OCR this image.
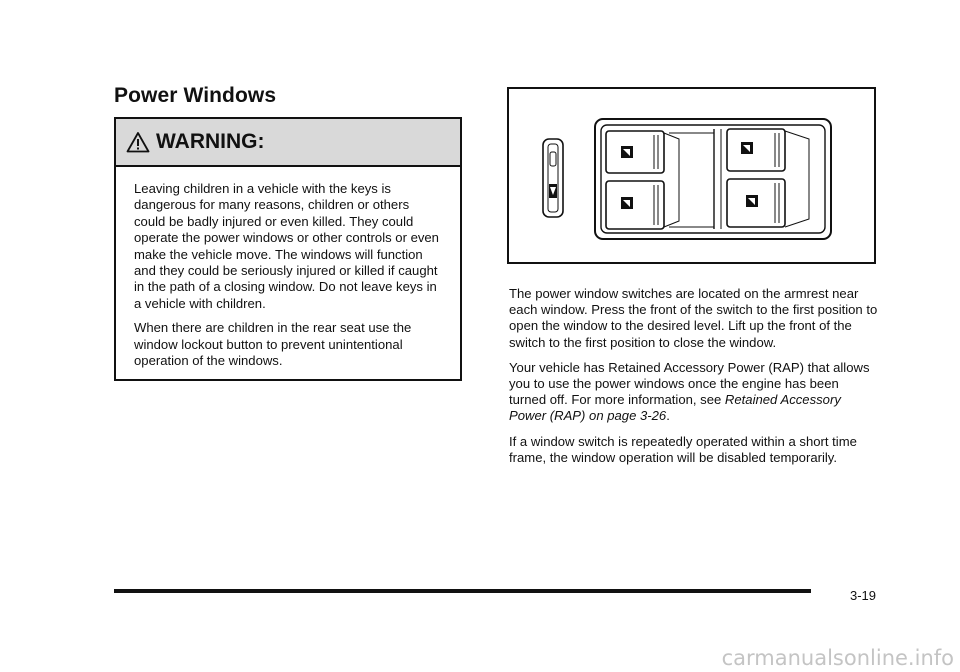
Power Windows
WARNING:

Leaving children in a vehicle with the keys is dangerous for many reasons, children or others could be badly injured or even killed. They could operate the power windows or other controls or even make the vehicle move. The windows will function and they could be seriously injured or killed if caught in the path of a closing window. Do not leave keys in a vehicle with children.

When there are children in the rear seat use the window lockout button to prevent unintentional operation of the windows.

The power window switches are located on the armrest near each window. Press the front of the switch to the first position to open the window to the desired level. Lift up the front of the switch to the first position to close the window.

Your vehicle has Retained Accessory Power (RAP) that allows you to use the power windows once the engine has been turned off. For more information, see Retained Accessory Power (RAP) on page 3-26.

If a window switch is repeatedly operated within a short time frame, the window operation will be disabled temporarily.

3-19
carmanualsonline.info
